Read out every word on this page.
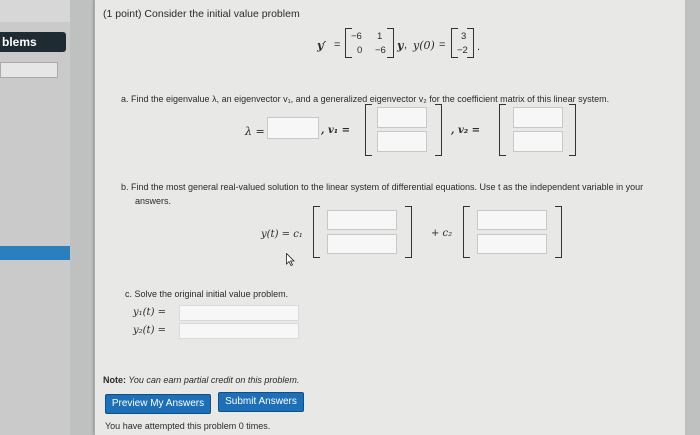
blems
(1 point) Consider the initial value problem
y′ =
−6 1
0 −6 y , y(0) =
3
−2 .
a. Find the eigenvalue λ, an eigenvector v₁, and a generalized eigenvector v₂ for the coefficient matrix of this linear system.
λ =	, v₁ =	, v₂ =
b. Find the most general real-valued solution to the linear system of differential equations. Use t as the independent variable in your
answers.
y(t) = c₁	+ c₂
c. Solve the original initial value problem.
y₁(t) =
y₂(t) =
Note: You can earn partial credit on this problem.
Preview My Answers	Submit Answers
You have attempted this problem 0 times.
